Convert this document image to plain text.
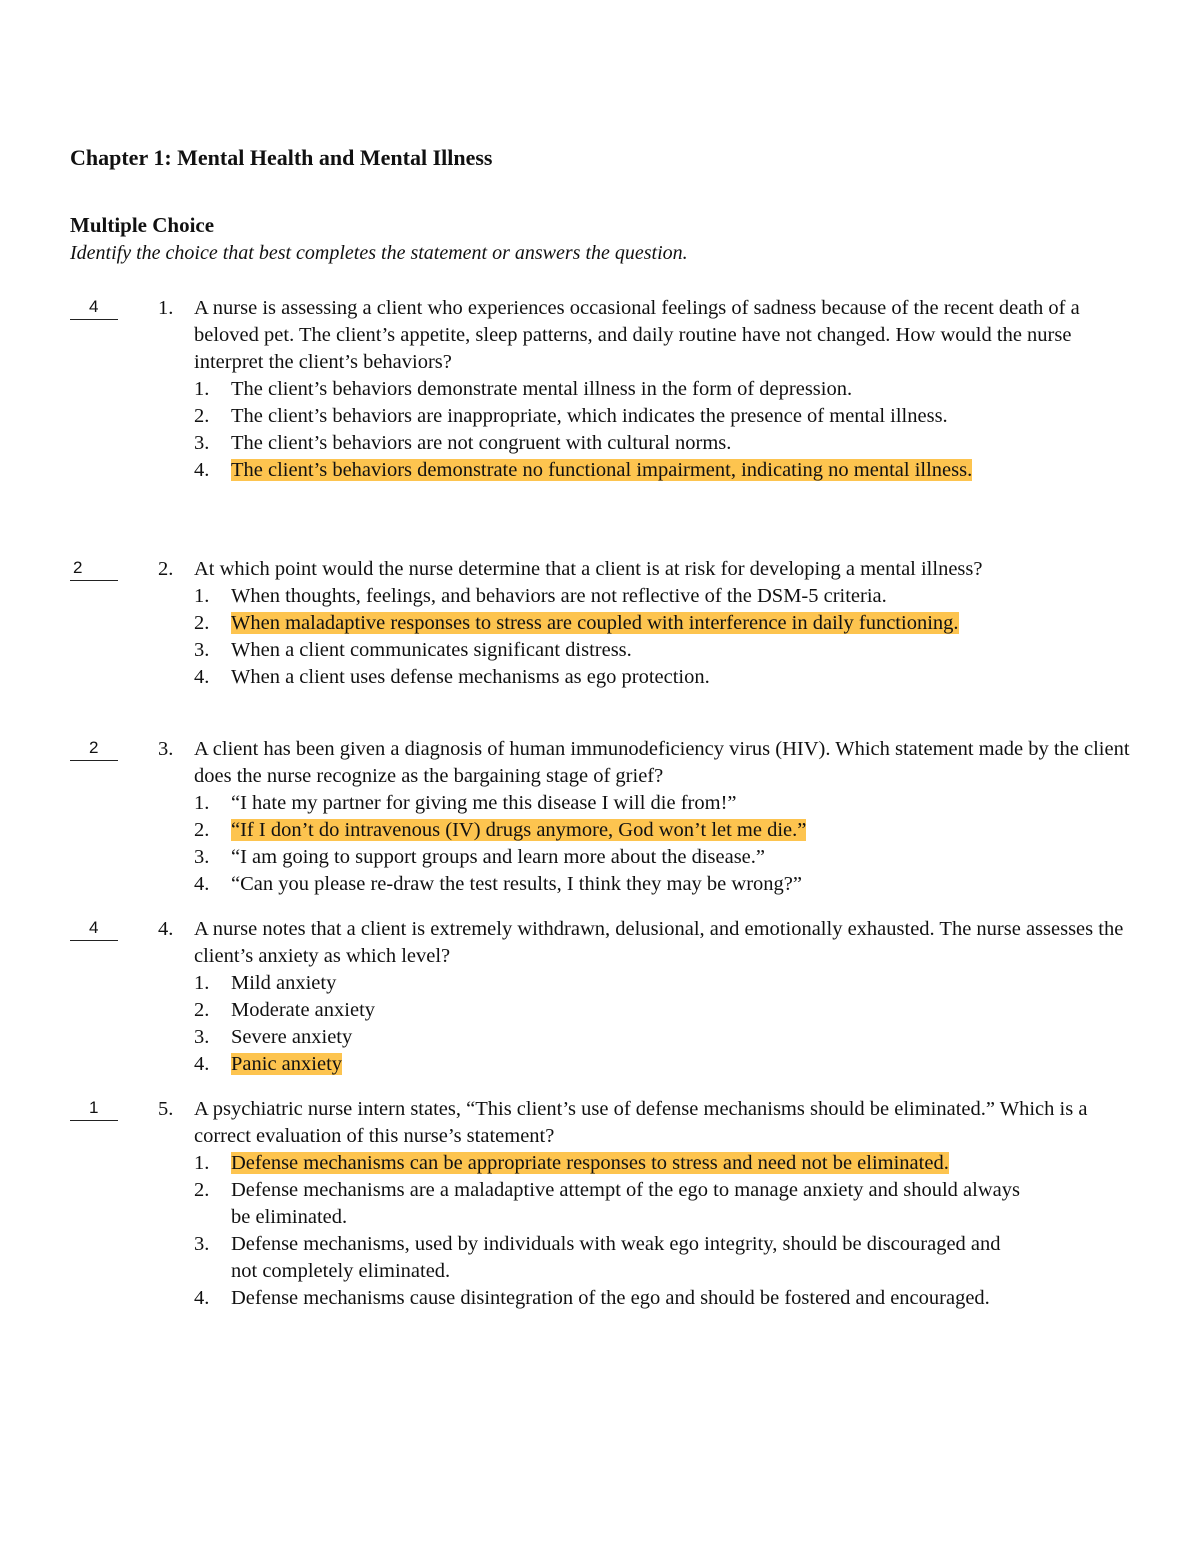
Chapter 1: Mental Health and Mental Illness
Multiple Choice

Identify the choice that best completes the statement or answers the question.

4	1. A nurse is assessing a client who experiences occasional feelings of sadness because of the recent death of a beloved pet. The client’s appetite, sleep patterns, and daily routine have not changed. How would the nurse interpret the client’s behaviors?
1. The client’s behaviors demonstrate mental illness in the form of depression.
2. The client’s behaviors are inappropriate, which indicates the presence of mental illness.
3. The client’s behaviors are not congruent with cultural norms.
4. The client’s behaviors demonstrate no functional impairment, indicating no mental illness.
2	2. At which point would the nurse determine that a client is at risk for developing a mental illness?
1. When thoughts, feelings, and behaviors are not reflective of the DSM-5 criteria.
2. When maladaptive responses to stress are coupled with interference in daily functioning.
3. When a client communicates significant distress.
4. When a client uses defense mechanisms as ego protection.
2	3. A client has been given a diagnosis of human immunodeficiency virus (HIV). Which statement made by the client does the nurse recognize as the bargaining stage of grief?
1. “I hate my partner for giving me this disease I will die from!”
2. “If I don’t do intravenous (IV) drugs anymore, God won’t let me die.”
3. “I am going to support groups and learn more about the disease.”
4. “Can you please re-draw the test results, I think they may be wrong?”
4	4. A nurse notes that a client is extremely withdrawn, delusional, and emotionally exhausted. The nurse assesses the client’s anxiety as which level?
1. Mild anxiety
2. Moderate anxiety
3. Severe anxiety
4. Panic anxiety
1	5. A psychiatric nurse intern states, “This client’s use of defense mechanisms should be eliminated.” Which is a correct evaluation of this nurse’s statement?
1. Defense mechanisms can be appropriate responses to stress and need not be eliminated.
2. Defense mechanisms are a maladaptive attempt of the ego to manage anxiety and should always be eliminated.
3. Defense mechanisms, used by individuals with weak ego integrity, should be discouraged and not completely eliminated.
4. Defense mechanisms cause disintegration of the ego and should be fostered and encouraged.
